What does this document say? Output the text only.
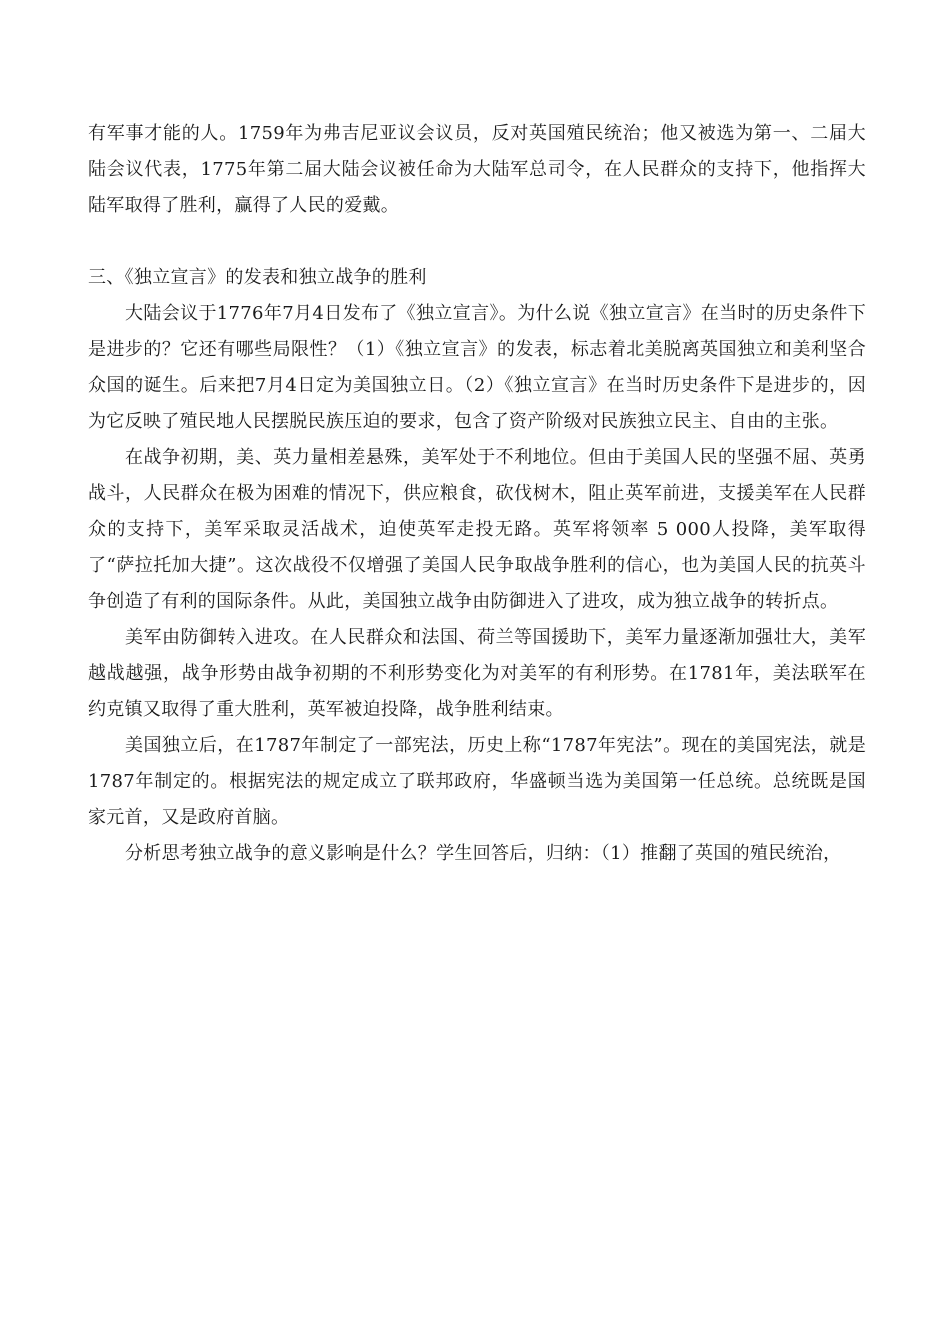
有军事才能的人。1759年为弗吉尼亚议会议员，反对英国殖民统治；他又被选为第一、二届大陆会议代表，1775年第二届大陆会议被任命为大陆军总司令，在人民群众的支持下，他指挥大陆军取得了胜利，赢得了人民的爱戴。

三、《独立宣言》的发表和独立战争的胜利

大陆会议于1776年7月4日发布了《独立宣言》。为什么说《独立宣言》在当时的历史条件下是进步的？它还有哪些局限性？（1）《独立宣言》的发表，标志着北美脱离英国独立和美利坚合众国的诞生。后来把7月4日定为美国独立日。（2）《独立宣言》在当时历史条件下是进步的，因为它反映了殖民地人民摆脱民族压迫的要求，包含了资产阶级对民族独立民主、自由的主张。

在战争初期，美、英力量相差悬殊，美军处于不利地位。但由于美国人民的坚强不屈、英勇战斗，人民群众在极为困难的情况下，供应粮食，砍伐树木，阻止英军前进，支援美军在人民群众的支持下，美军采取灵活战术，迫使英军走投无路。英军将领率 5 000人投降，美军取得了“萨拉托加大捷”。这次战役不仅增强了美国人民争取战争胜利的信心，也为美国人民的抗英斗争创造了有利的国际条件。从此，美国独立战争由防御进入了进攻，成为独立战争的转折点。

美军由防御转入进攻。在人民群众和法国、荷兰等国援助下，美军力量逐渐加强壮大，美军越战越强，战争形势由战争初期的不利形势变化为对美军的有利形势。在1781年，美法联军在约克镇又取得了重大胜利，英军被迫投降，战争胜利结束。

美国独立后，在1787年制定了一部宪法，历史上称“1787年宪法”。现在的美国宪法，就是1787年制定的。根据宪法的规定成立了联邦政府，华盛顿当选为美国第一任总统。总统既是国家元首，又是政府首脑。

分析思考独立战争的意义影响是什么？学生回答后，归纳：（1）推翻了英国的殖民统治，
